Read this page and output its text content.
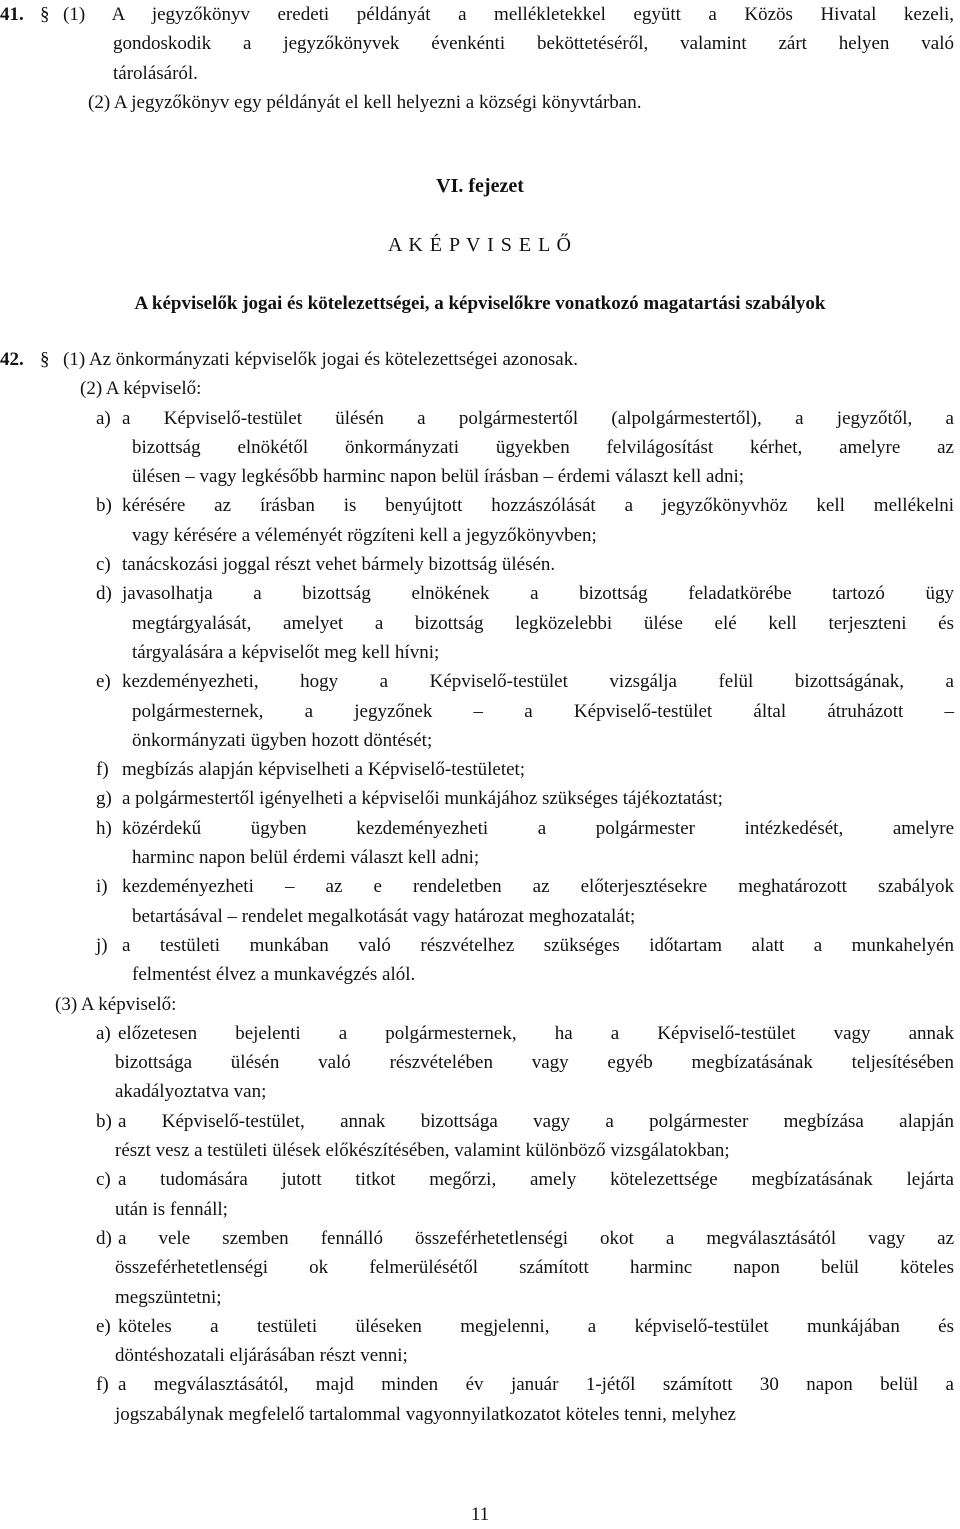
41. § (1) A jegyzőkönyv eredeti példányát a mellékletekkel együtt a Közös Hivatal kezeli,
gondoskodik a jegyzőkönyvek évenkénti beköttetéséről, valamint zárt helyen való
tárolásáról.
(2) A jegyzőkönyv egy példányát el kell helyezni a községi könyvtárban.
VI. fejezet
A K É P V I S E L Ő
A képviselők jogai és kötelezettségei, a képviselőkre vonatkozó magatartási szabályok
42. § (1) Az önkormányzati képviselők jogai és kötelezettségei azonosak.
(2) A képviselő:
a) a Képviselő-testület ülésén a polgármestertől (alpolgármestertől), a jegyzőtől, a
bizottság elnökétől önkormányzati ügyekben felvilágosítást kérhet, amelyre az
ülésen – vagy legkésőbb harminc napon belül írásban – érdemi választ kell adni;
b) kérésére az írásban is benyújtott hozzászólását a jegyzőkönyvhöz kell mellékelni
vagy kérésére a véleményét rögzíteni kell a jegyzőkönyvben;
c) tanácskozási joggal részt vehet bármely bizottság ülésén.
d) javasolhatja a bizottság elnökének a bizottság feladatkörébe tartozó ügy
megtárgyalását, amelyet a bizottság legközelebbi ülése elé kell terjeszteni és
tárgyalására a képviselőt meg kell hívni;
e) kezdeményezheti, hogy a Képviselő-testület vizsgálja felül bizottságának, a
polgármesternek, a jegyzőnek – a Képviselő-testület által átruházott –
önkormányzati ügyben hozott döntését;
f) megbízás alapján képviselheti a Képviselő-testületet;
g) a polgármestertől igényelheti a képviselői munkájához szükséges tájékoztatást;
h) közérdekű ügyben kezdeményezheti a polgármester intézkedését, amelyre
harminc napon belül érdemi választ kell adni;
i) kezdeményezheti – az e rendeletben az előterjesztésekre meghatározott szabályok
betartásával – rendelet megalkotását vagy határozat meghozatalát;
j) a testületi munkában való részvételhez szükséges időtartam alatt a munkahelyén
felmentést élvez a munkavégzés alól.
(3) A képviselő:
a) előzetesen bejelenti a polgármesternek, ha a Képviselő-testület vagy annak
bizottsága ülésén való részvételében vagy egyéb megbízatásának teljesítésében
akadályoztatva van;
b) a Képviselő-testület, annak bizottsága vagy a polgármester megbízása alapján
részt vesz a testületi ülések előkészítésében, valamint különböző vizsgálatokban;
c) a tudomására jutott titkot megőrzi, amely kötelezettsége megbízatásának lejárta
után is fennáll;
d) a vele szemben fennálló összeférhetetlenségi okot a megválasztásától vagy az
összeférhetetlenségi ok felmerülésétől számított harminc napon belül köteles
megszüntetni;
e) köteles a testületi üléseken megjelenni, a képviselő-testület munkájában és
döntéshozatali eljárásában részt venni;
f) a megválasztásától, majd minden év január 1-jétől számított 30 napon belül a
jogszabálynak megfelelő tartalommal vagyonnyilatkozatot köteles tenni, melyhez
11
